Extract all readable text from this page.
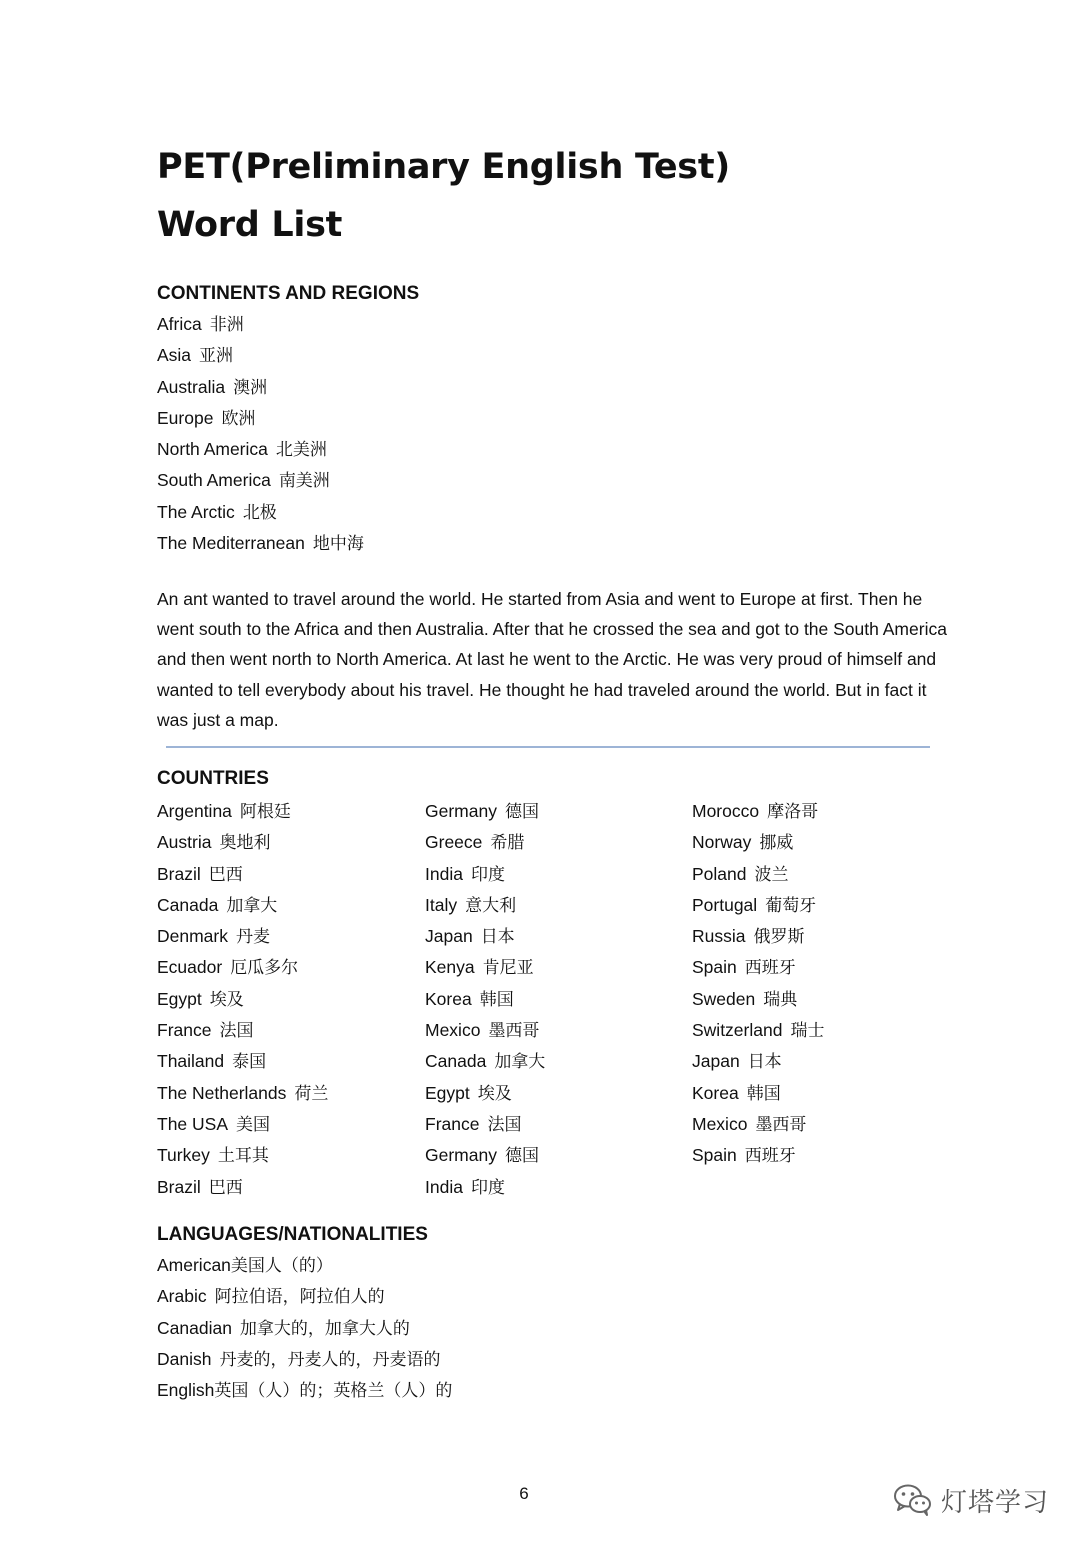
PET(Preliminary English Test)
Word List
CONTINENTS AND REGIONS
Africa 非洲
Asia 亚洲
Australia 澳洲
Europe 欧洲
North America 北美洲
South America 南美洲
The Arctic 北极
The Mediterranean 地中海

An ant wanted to travel around the world. He started from Asia and went to Europe at first. Then he went south to the Africa and then Australia. After that he crossed the sea and got to the South America and then went north to North America. At last he went to the Arctic. He was very proud of himself and wanted to tell everybody about his travel. He thought he had traveled around the world. But in fact it was just a map.

COUNTRIES
Argentina 阿根廷
Austria 奥地利
Brazil 巴西
Canada 加拿大
Denmark 丹麦
Ecuador 厄瓜多尔
Egypt 埃及
France 法国
Thailand 泰国
The Netherlands 荷兰
The USA 美国
Turkey 土耳其
Brazil 巴西
Germany 德国
Greece 希腊
India 印度
Italy 意大利
Japan 日本
Kenya 肯尼亚
Korea 韩国
Mexico 墨西哥
Canada 加拿大
Egypt 埃及
France 法国
Germany 德国
India 印度
Morocco 摩洛哥
Norway 挪威
Poland 波兰
Portugal 葡萄牙
Russia 俄罗斯
Spain 西班牙
Sweden 瑞典
Switzerland 瑞士
Japan 日本
Korea 韩国
Mexico 墨西哥
Spain 西班牙
LANGUAGES/NATIONALITIES
American美国人（的）
Arabic 阿拉伯语，阿拉伯人的
Canadian 加拿大的，加拿大人的
Danish 丹麦的，丹麦人的，丹麦语的
English英国（人）的；英格兰（人）的
6	灯塔学习
